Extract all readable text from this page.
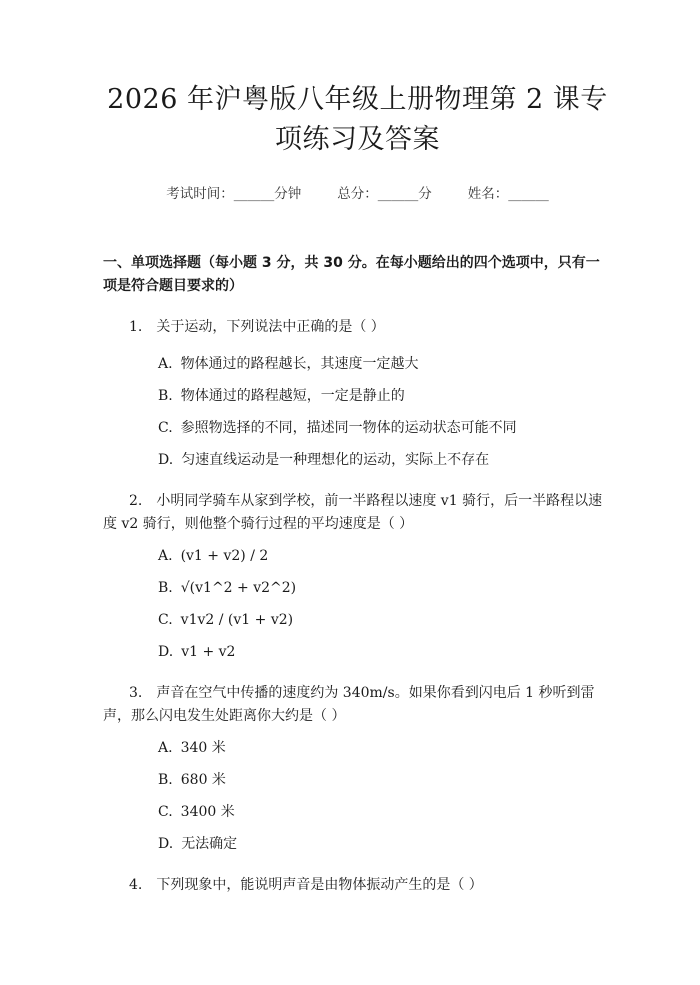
2026 年沪粤版八年级上册物理第 2 课专项练习及答案
考试时间：______分钟	总分：______分	姓名：______
一、单项选择题（每小题 3 分，共 30 分。在每小题给出的四个选项中，只有一项是符合题目要求的）
1. 关于运动，下列说法中正确的是（ ）
A. 物体通过的路程越长，其速度一定越大
B. 物体通过的路程越短，一定是静止的
C. 参照物选择的不同，描述同一物体的运动状态可能不同
D. 匀速直线运动是一种理想化的运动，实际上不存在
2. 小明同学骑车从家到学校，前一半路程以速度 v1 骑行，后一半路程以速度 v2 骑行，则他整个骑行过程的平均速度是（ ）
A. (v1 + v2) / 2
B. √(v1^2 + v2^2)
C. v1v2 / (v1 + v2)
D. v1 + v2
3. 声音在空气中传播的速度约为 340m/s。如果你看到闪电后 1 秒听到雷声，那么闪电发生处距离你大约是（ ）
A. 340 米
B. 680 米
C. 3400 米
D. 无法确定
4. 下列现象中，能说明声音是由物体振动产生的是（ ）
